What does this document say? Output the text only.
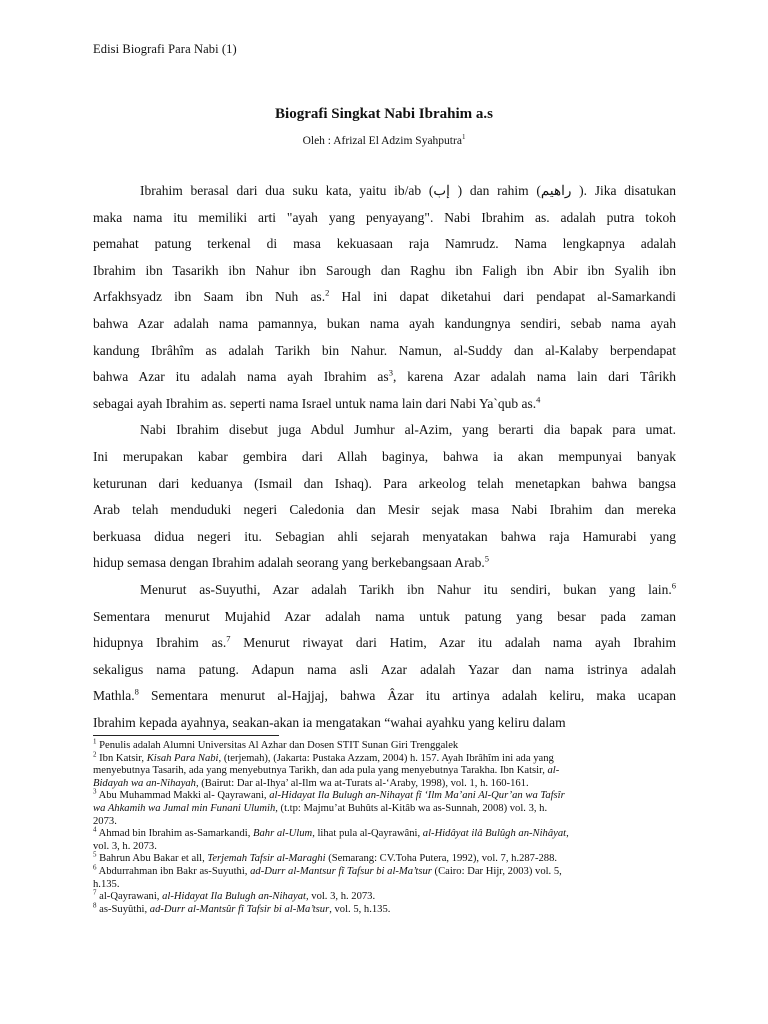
Edisi Biografi Para Nabi (1)
Biografi Singkat Nabi Ibrahim a.s
Oleh : Afrizal El Adzim Syahputra$^1$
Ibrahim berasal dari dua suku kata, yaitu ib/ab (إب ) dan rahim (راهيم ). Jika disatukan
maka nama itu memiliki arti "ayah yang penyayang". Nabi Ibrahim as. adalah putra tokoh
pemahat patung terkenal di masa kekuasaan raja Namrudz. Nama lengkapnya adalah
Ibrahim ibn Tasarikh ibn Nahur ibn Sarough dan Raghu ibn Faligh ibn Abir ibn Syalih ibn
Arfakhsyadz ibn Saam ibn Nuh as.$^2$ Hal ini dapat diketahui dari pendapat al-Samarkandi
bahwa Azar adalah nama pamannya, bukan nama ayah kandungnya sendiri, sebab nama ayah
kandung Ibrâhîm as adalah Tarikh bin Nahur. Namun, al-Suddy dan al-Kalaby berpendapat
bahwa Azar itu adalah nama ayah Ibrahim $as^3$, karena Azar adalah nama lain dari Târikh
sebagai ayah Ibrahim as. seperti nama Israel untuk nama lain dari Nabi Ya`qub as.$^4$
Nabi Ibrahim disebut juga Abdul Jumhur al-Azim, yang berarti dia bapak para umat.
Ini merupakan kabar gembira dari Allah baginya, bahwa ia akan mempunyai banyak
keturunan dari keduanya (Ismail dan Ishaq). Para arkeolog telah menetapkan bahwa bangsa
Arab telah menduduki negeri Caledonia dan Mesir sejak masa Nabi Ibrahim dan mereka
berkuasa didua negeri itu. Sebagian ahli sejarah menyatakan bahwa raja Hamurabi yang
hidup semasa dengan Ibrahim adalah seorang yang berkebangsaan Arab.$^5$
Menurut as-Suyuthi, Azar adalah Tarikh ibn Nahur itu sendiri, bukan yang lain.$^6$
Sementara menurut Mujahid Azar adalah nama untuk patung yang besar pada zaman
hidupnya Ibrahim as.$^7$ Menurut riwayat dari Hatim, Azar itu adalah nama ayah Ibrahim
sekaligus nama patung. Adapun nama asli Azar adalah Yazar dan nama istrinya adalah
Mathla.$^8$ Sementara menurut al-Hajjaj, bahwa Âzar itu artinya adalah keliru, maka ucapan
Ibrahim kepada ayahnya, seakan-akan ia mengatakan “wahai ayahku yang keliru dalam
$^1$ Penulis adalah Alumni Universitas Al Azhar dan Dosen STIT Sunan Giri Trenggalek
$^2$ Ibn Katsir, Kisah Para Nabi, (terjemah), (Jakarta: Pustaka Azzam, 2004) h. 157. Ayah Ibrâhîm ini ada yang
menyebutnya Tasarih, ada yang menyebutnya Tarikh, dan ada pula yang menyebutnya Tarakha. Ibn Katsir, al-
Bidayah wa an-Nihayah, (Bairut: Dar al-Ihya’ al-Ilm wa at-Turats al-‘Araby, 1998), vol. 1, h. 160-161.
$^3$ Abu Muhammad Makki al- Qayrawani, al-Hidayat Ila Bulugh an-Nihayat fî ‘Ilm Ma’ani Al-Qur’an wa Tafsîr
wa Ahkamih wa Jumal min Funani Ulumih, (t.tp: Majmu’at Buhûts al-Kitâb wa as-Sunnah, 2008) vol. 3, h.
2073.
$^4$ Ahmad bin Ibrahim as-Samarkandi, Bahr al-Ulum, lihat pula al-Qayrawâni, al-Hidâyat ilâ Bulûgh an-Nihâyat,
vol. 3, h. 2073.
$^5$ Bahrun Abu Bakar et all, Terjemah Tafsir al-Maraghi (Semarang: CV.Toha Putera, 1992), vol. 7, h.287-288.
$^6$ Abdurrahman ibn Bakr as-Suyuthi, ad-Durr al-Mantsur fî Tafsur bi al-Ma’tsur (Cairo: Dar Hijr, 2003) vol. 5,
h.135.
$^7$ al-Qayrawani, al-Hidayat Ila Bulugh an-Nihayat, vol. 3, h. 2073.
$^8$ as-Suyûthi, ad-Durr al-Mantsûr fî Tafsir bi al-Ma’tsur, vol. 5, h.135.
